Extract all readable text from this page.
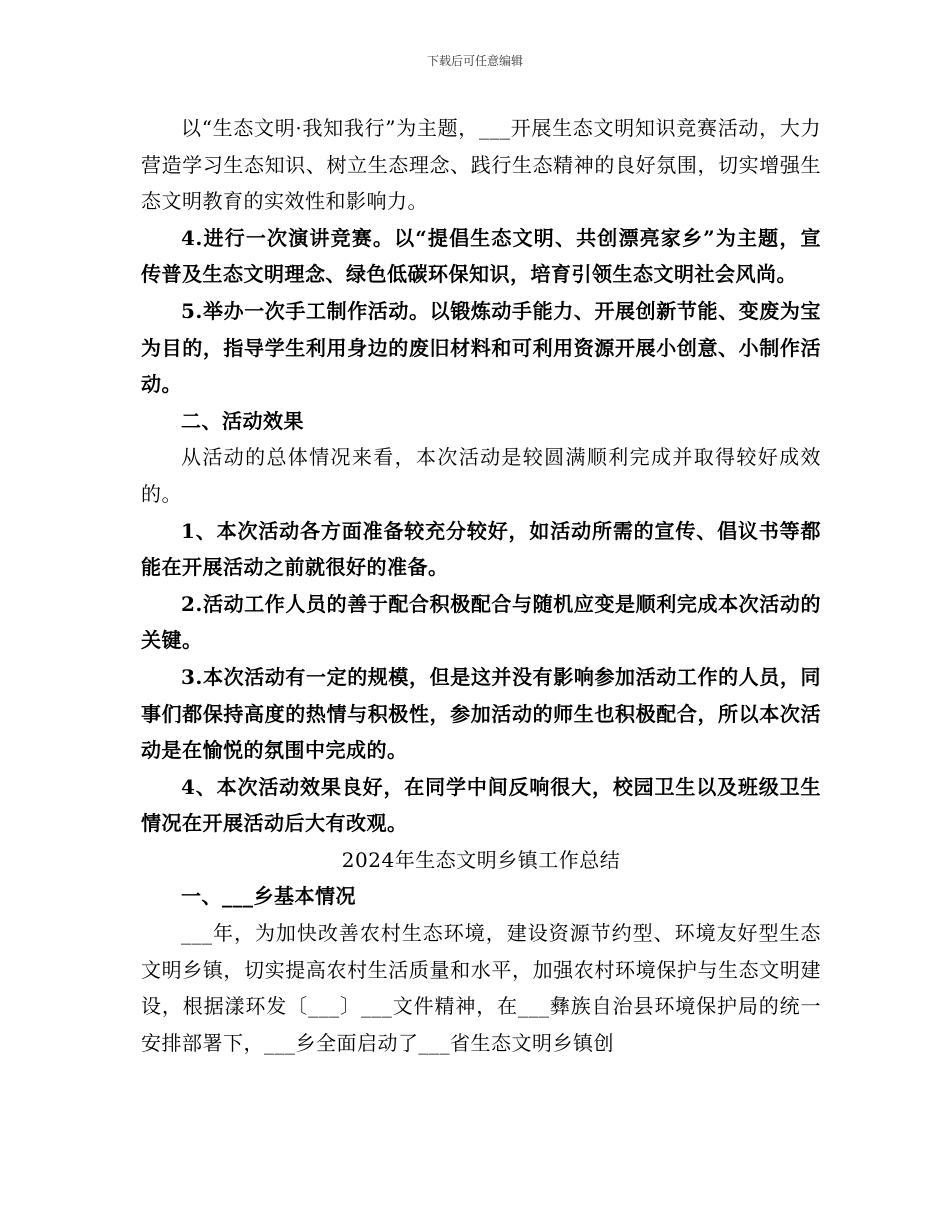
下载后可任意编辑

以“生态文明·我知我行”为主题，___开展生态文明知识竞赛活动，大力营造学习生态知识、树立生态理念、践行生态精神的良好氛围，切实增强生态文明教育的实效性和影响力。

4.进行一次演讲竞赛。以“提倡生态文明、共创漂亮家乡”为主题，宣传普及生态文明理念、绿色低碳环保知识，培育引领生态文明社会风尚。

5.举办一次手工制作活动。以锻炼动手能力、开展创新节能、变废为宝为目的，指导学生利用身边的废旧材料和可利用资源开展小创意、小制作活动。

二、活动效果

从活动的总体情况来看，本次活动是较圆满顺利完成并取得较好成效的。

1、本次活动各方面准备较充分较好，如活动所需的宣传、倡议书等都能在开展活动之前就很好的准备。

2.活动工作人员的善于配合积极配合与随机应变是顺利完成本次活动的关键。

3.本次活动有一定的规模，但是这并没有影响参加活动工作的人员，同事们都保持高度的热情与积极性，参加活动的师生也积极配合，所以本次活动是在愉悦的氛围中完成的。

4、本次活动效果良好，在同学中间反响很大，校园卫生以及班级卫生情况在开展活动后大有改观。

2024年生态文明乡镇工作总结

一、___乡基本情况

___年，为加快改善农村生态环境，建设资源节约型、环境友好型生态文明乡镇，切实提高农村生活质量和水平，加强农村环境保护与生态文明建设，根据漾环发〔___〕___文件精神，在___彝族自治县环境保护局的统一安排部署下，___乡全面启动了___省生态文明乡镇创
